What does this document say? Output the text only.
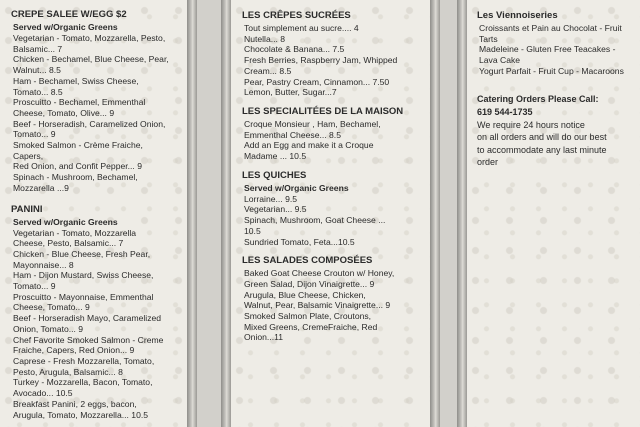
CREPE SALEE W/EGG $2
Served w/Organic Greens
Vegetarian - Tomato, Mozzarella, Pesto,
Balsamic... 7
Chicken - Bechamel, Blue Cheese, Pear,
Walnut... 8.5
Ham - Bechamel, Swiss Cheese,
Tomato... 8.5
Proscuitto - Bechamel, Emmenthal
Cheese, Tomato, Olive... 9
Beef - Horseradish, Caramelized Onion,
Tomato... 9
Smoked Salmon - Crème Fraiche,
Capers,
Red Onion, and Confit Pepper... 9
Spinach - Mushroom, Bechamel,
Mozzarella ...9
PANINI
Served w/Organic Greens
Vegetarian - Tomato, Mozzarella
Cheese, Pesto, Balsamic... 7
Chicken - Blue Cheese, Fresh Pear,
Mayonnaise... 8
Ham - Dijon Mustard, Swiss Cheese,
Tomato... 9
Proscuitto - Mayonnaise, Emmenthal
Cheese, Tomato... 9
Beef - Horseradish Mayo, Caramelized
Onion, Tomato... 9
Chef Favorite Smoked Salmon - Creme
Fraiche, Capers, Red Onion... 9
Caprese - Fresh Mozzarella, Tomato,
Pesto, Arugula, Balsamic... 8
Turkey - Mozzarella, Bacon, Tomato,
Avocado... 10.5
Breakfast Panini, 2 eggs, bacon,
Arugula, Tomato, Mozzarella... 10.5
LES CRÊPES SUCRÉES
Tout simplement au sucre.... 4
Nutella... 8
Chocolate & Banana... 7.5
Fresh Berries, Raspberry Jam, Whipped
Cream... 8.5
Pear, Pastry Cream, Cinnamon... 7.50
Lemon, Butter, Sugar...7
LES SPECIALITÉES DE LA MAISON
Croque Monsieur , Ham, Bechamel,
Emmenthal Cheese... 8.5
Add an Egg and make it a Croque
Madame ... 10.5
LES QUICHES
Served w/Organic Greens
Lorraine... 9.5
Vegetarian... 9.5
Spinach, Mushroom, Goat Cheese ...
10.5
Sundried Tomato, Feta...10.5
LES SALADES COMPOSÉES
Baked Goat Cheese Crouton w/ Honey,
Green Salad, Dijon Vinaigrette... 9
Arugula, Blue Cheese, Chicken,
Walnut, Pear, Balsamic Vinaigrette... 9
Smoked Salmon Plate, Croutons,
Mixed Greens, CremeFraiche, Red
Onion...11
Les Viennoiseries
Croissants et Pain au Chocolat - Fruit
Tarts
Madeleine - Gluten Free Teacakes -
Lava Cake
Yogurt Parfait - Fruit Cup - Macaroons
Catering Orders Please Call:
619 544-1735
We require 24 hours notice
on all orders and will do our best
to accommodate any last minute
order
